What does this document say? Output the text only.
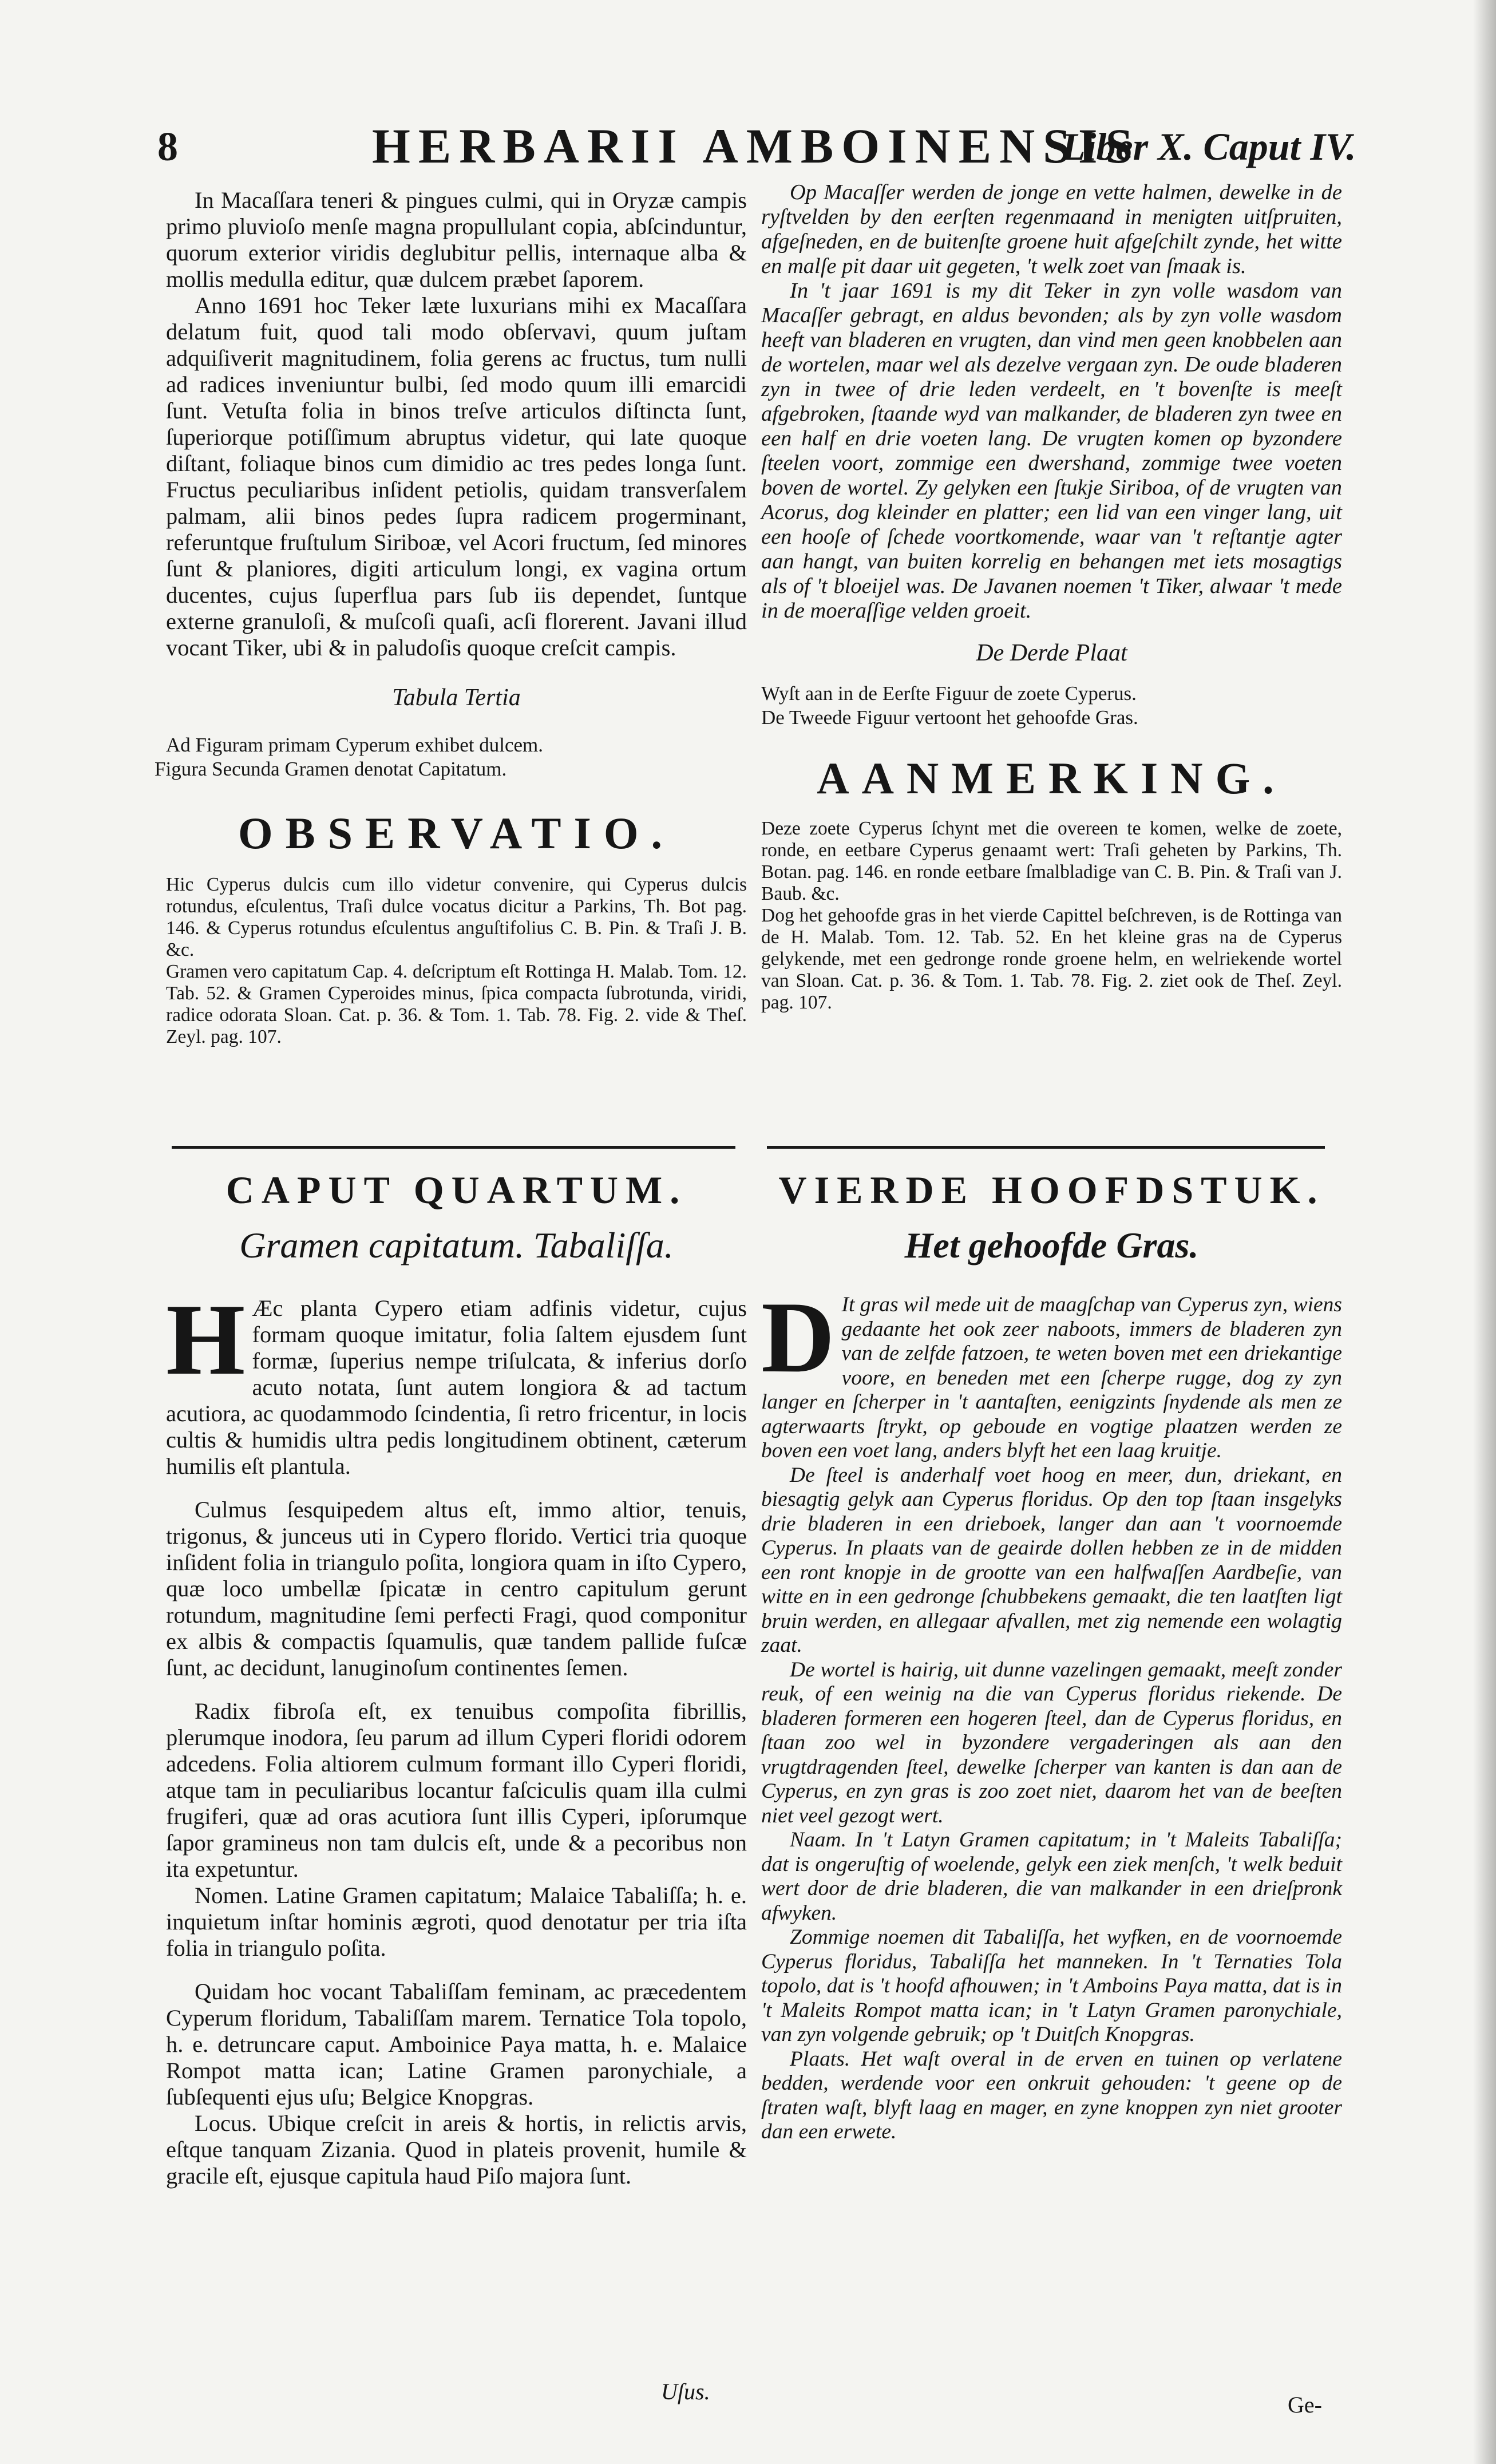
8	HERBARII AMBOINENSIS
Liber X. Caput IV.

In Macaſſara teneri & pingues culmi, qui in Oryzæ campis primo pluvioſo menſe magna propullulant copia, abſcinduntur, quorum exterior viridis deglubitur pellis, internaque alba & mollis medulla editur, quæ dulcem præbet ſaporem.

Anno 1691 hoc Teker læte luxurians mihi ex Macaſſara delatum fuit, quod tali modo obſervavi, quum juſtam adquiſiverit magnitudinem, folia gerens ac fructus, tum nulli ad radices inveniuntur bulbi, ſed modo quum illi emarcidi ſunt. Vetuſta folia in binos treſve articulos diſtincta ſunt, ſuperiorque potiſſimum abruptus videtur, qui late quoque diſtant, foliaque binos cum dimidio ac tres pedes longa ſunt. Fructus peculiaribus inſident petiolis, quidam transverſalem palmam, alii binos pedes ſupra radicem progerminant, referuntque fruſtulum Siriboæ, vel Acori fructum, ſed minores ſunt & planiores, digiti articulum longi, ex vagina ortum ducentes, cujus ſuperflua pars ſub iis dependet, ſuntque externe granuloſi, & muſcoſi quaſi, acſi florerent. Javani illud vocant Tiker, ubi & in paludoſis quoque creſcit campis.

Tabula Tertia

Ad Figuram primam Cyperum exhibet dulcem.

Figura Secunda Gramen denotat Capitatum.

OBSERVATIO.

Hic Cyperus dulcis cum illo videtur convenire, qui Cyperus dulcis rotundus, eſculentus, Traſi dulce vocatus dicitur a Parkins, Th. Bot pag. 146. & Cyperus rotundus eſculentus anguſtifolius C. B. Pin. & Traſi J. B. &c.

Gramen vero capitatum Cap. 4. deſcriptum eſt Rottinga H. Malab. Tom. 12. Tab. 52. & Gramen Cyperoides minus, ſpica compacta ſubrotunda, viridi, radice odorata Sloan. Cat. p. 36. & Tom. 1. Tab. 78. Fig. 2. vide & Theſ. Zeyl. pag. 107.

CAPUT QUARTUM.

Gramen capitatum. Tabaliſſa.

H Æc planta Cypero etiam adfinis videtur, cujus formam quoque imitatur, folia ſaltem ejusdem ſunt formæ, ſuperius nempe triſulcata, & inferius dorſo acuto notata, ſunt autem longiora & ad tactum acutiora, ac quodammodo ſcindentia, ſi retro fricentur, in locis cultis & humidis ultra pedis longitudinem obtinent, cæterum humilis eſt plantula.

Culmus ſesquipedem altus eſt, immo altior, tenuis, trigonus, & junceus uti in Cypero florido. Vertici tria quoque inſident folia in triangulo poſita, longiora quam in iſto Cypero, quæ loco umbellæ ſpicatæ in centro capitulum gerunt rotundum, magnitudine ſemi perfecti Fragi, quod componitur ex albis & compactis ſquamulis, quæ tandem pallide fuſcæ ſunt, ac decidunt, lanuginoſum continentes ſemen.

Radix fibroſa eſt, ex tenuibus compoſita fibrillis, plerumque inodora, ſeu parum ad illum Cyperi floridi odorem adcedens. Folia altiorem culmum formant illo Cyperi floridi, atque tam in peculiaribus locantur faſciculis quam illa culmi frugiferi, quæ ad oras acutiora ſunt illis Cyperi, ipſorumque ſapor gramineus non tam dulcis eſt, unde & a pecoribus non ita expetuntur.

Nomen. Latine Gramen capitatum; Malaice Tabaliſſa; h. e. inquietum inſtar hominis ægroti, quod denotatur per tria iſta folia in triangulo poſita.

Quidam hoc vocant Tabaliſſam feminam, ac præcedentem Cyperum floridum, Tabaliſſam marem. Ternatice Tola topolo, h. e. detruncare caput. Amboinice Paya matta, h. e. Malaice Rompot matta ican; Latine Gramen paronychiale, a ſubſequenti ejus uſu; Belgice Knopgras.

Locus. Ubique creſcit in areis & hortis, in relictis arvis, eſtque tanquam Zizania. Quod in plateis provenit, humile & gracile eſt, ejusque capitula haud Piſo majora ſunt.

Uſus.

Op Macaſſer werden de jonge en vette halmen, dewelke in de ryſtvelden by den eerſten regenmaand in menigten uitſpruiten, afgeſneden, en de buitenſte groene huit afgeſchilt zynde, het witte en malſe pit daar uit gegeten, 't welk zoet van ſmaak is.

In 't jaar 1691 is my dit Teker in zyn volle wasdom van Macaſſer gebragt, en aldus bevonden; als by zyn volle wasdom heeft van bladeren en vrugten, dan vind men geen knobbelen aan de wortelen, maar wel als dezelve vergaan zyn. De oude bladeren zyn in twee of drie leden verdeelt, en 't bovenſte is meeſt afgebroken, ſtaande wyd van malkander, de bladeren zyn twee en een half en drie voeten lang. De vrugten komen op byzondere ſteelen voort, zommige een dwershand, zommige twee voeten boven de wortel. Zy gelyken een ſtukje Siriboa, of de vrugten van Acorus, dog kleinder en platter; een lid van een vinger lang, uit een hooſe of ſchede voortkomende, waar van 't reſtantje agter aan hangt, van buiten korrelig en behangen met iets mosagtigs als of 't bloeijel was. De Javanen noemen 't Tiker, alwaar 't mede in de moeraſſige velden groeit.

De Derde Plaat

Wyſt aan in de Eerſte Figuur de zoete Cyperus.

De Tweede Figuur vertoont het gehoofde Gras.

AANMERKING.

Deze zoete Cyperus ſchynt met die overeen te komen, welke de zoete, ronde, en eetbare Cyperus genaamt wert: Traſi geheten by Parkins, Th. Botan. pag. 146. en ronde eetbare ſmalbladige van C. B. Pin. & Traſi van J. Baub. &c.

Dog het gehoofde gras in het vierde Capittel beſchreven, is de Rottinga van de H. Malab. Tom. 12. Tab. 52. En het kleine gras na de Cyperus gelykende, met een gedronge ronde groene helm, en welriekende wortel van Sloan. Cat. p. 36. & Tom. 1. Tab. 78. Fig. 2. ziet ook de Theſ. Zeyl. pag. 107.

VIERDE HOOFDSTUK.

Het gehoofde Gras.

D It gras wil mede uit de maagſchap van Cyperus zyn, wiens gedaante het ook zeer naboots, immers de bladeren zyn van de zelfde fatzoen, te weten boven met een driekantige voore, en beneden met een ſcherpe rugge, dog zy zyn langer en ſcherper in 't aantaſten, eenigzints ſnydende als men ze agterwaarts ſtrykt, op geboude en vogtige plaatzen werden ze boven een voet lang, anders blyft het een laag kruitje.

De ſteel is anderhalf voet hoog en meer, dun, driekant, en biesagtig gelyk aan Cyperus floridus. Op den top ſtaan insgelyks drie bladeren in een drieboek, langer dan aan 't voornoemde Cyperus. In plaats van de geairde dollen hebben ze in de midden een ront knopje in de grootte van een halfwaſſen Aardbeſie, van witte en in een gedronge ſchubbekens gemaakt, die ten laatſten ligt bruin werden, en allegaar afvallen, met zig nemende een wolagtig zaat.

De wortel is hairig, uit dunne vazelingen gemaakt, meeſt zonder reuk, of een weinig na die van Cyperus floridus riekende. De bladeren formeren een hogeren ſteel, dan de Cyperus floridus, en ſtaan zoo wel in byzondere vergaderingen als aan den vrugtdragenden ſteel, dewelke ſcherper van kanten is dan aan de Cyperus, en zyn gras is zoo zoet niet, daarom het van de beeſten niet veel gezogt wert.

Naam. In 't Latyn Gramen capitatum; in 't Maleits Tabaliſſa; dat is ongeruſtig of woelende, gelyk een ziek menſch, 't welk beduit wert door de drie bladeren, die van malkander in een drieſpronk afwyken.

Zommige noemen dit Tabaliſſa, het wyfken, en de voornoemde Cyperus floridus, Tabaliſſa het manneken. In 't Ternaties Tola topolo, dat is 't hoofd afhouwen; in 't Amboins Paya matta, dat is in 't Maleits Rompot matta ican; in 't Latyn Gramen paronychiale, van zyn volgende gebruik; op 't Duitſch Knopgras.

Plaats. Het waſt overal in de erven en tuinen op verlatene bedden, werdende voor een onkruit gehouden: 't geene op de ſtraten waſt, blyft laag en mager, en zyne knoppen zyn niet grooter dan een erwete.

Ge-
